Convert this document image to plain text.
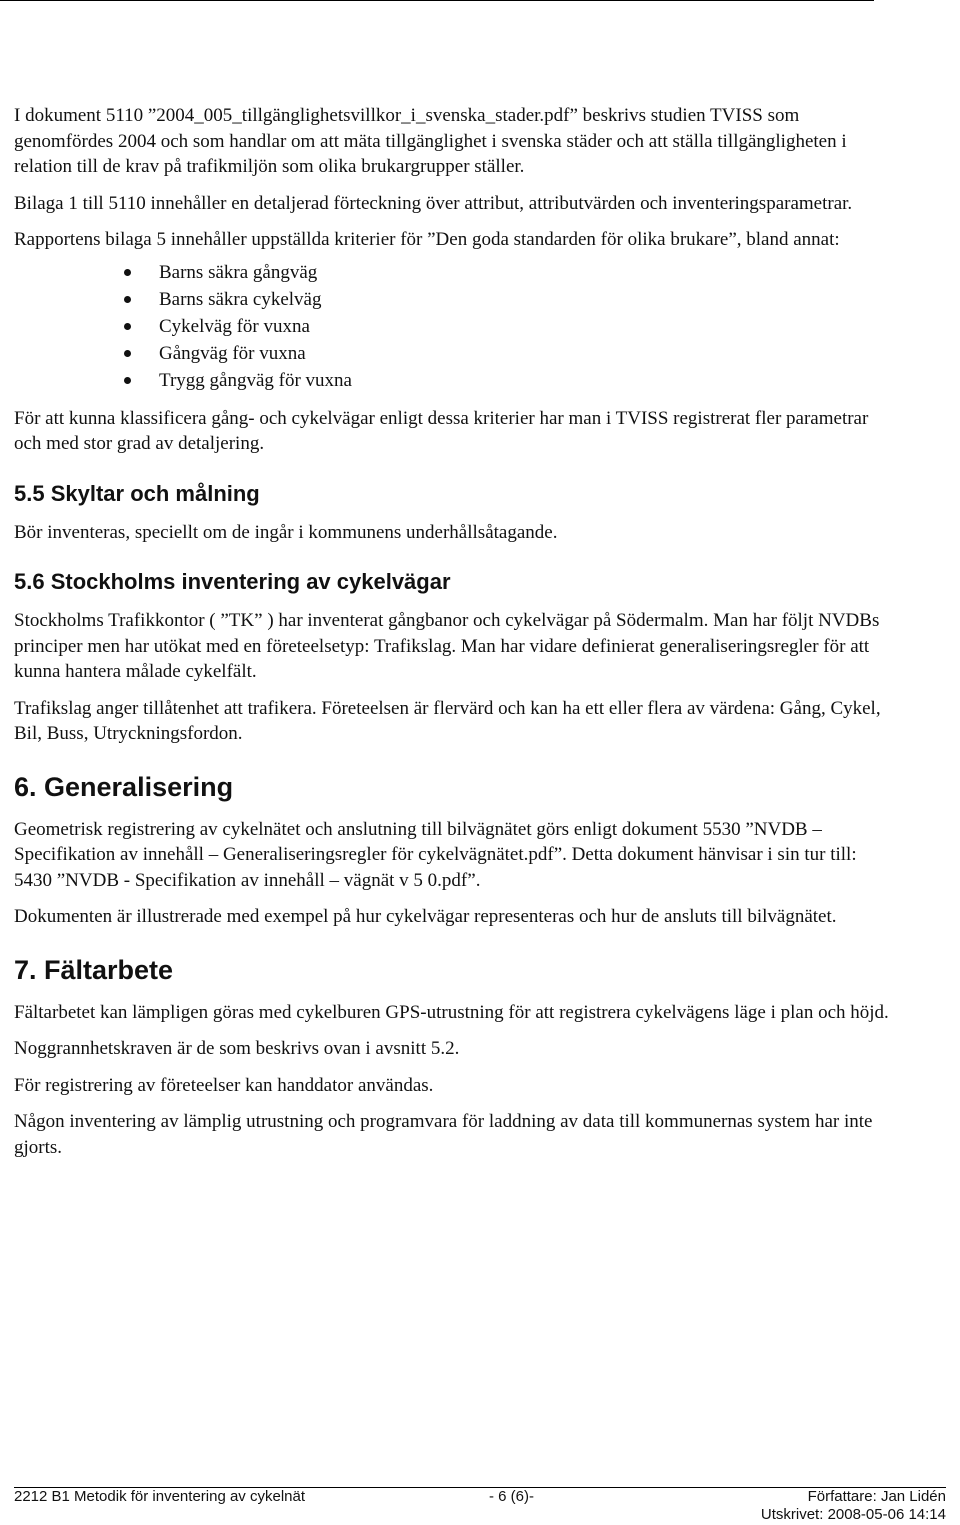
I dokument 5110 ”2004_005_tillgänglighetsvillkor_i_svenska_stader.pdf” beskrivs studien TVISS som genomfördes 2004 och som handlar om att mäta tillgänglighet i svenska städer och att ställa tillgängligheten i relation till de krav på trafikmiljön som olika brukargrupper ställer.

Bilaga 1 till 5110 innehåller en detaljerad förteckning över attribut, attributvärden och inventeringsparametrar.

Rapportens bilaga 5 innehåller uppställda kriterier för ”Den goda standarden för olika brukare”, bland annat:

Barns säkra gångväg
Barns säkra cykelväg
Cykelväg för vuxna
Gångväg för vuxna
Trygg gångväg för vuxna

För att kunna klassificera gång- och cykelvägar enligt dessa kriterier har man i TVISS registrerat fler parametrar och med stor grad av detaljering.

5.5 Skyltar och målning

Bör inventeras, speciellt om de ingår i kommunens underhållsåtagande.

5.6 Stockholms inventering av cykelvägar

Stockholms Trafikkontor ( ”TK” ) har inventerat gångbanor och cykelvägar på Södermalm. Man har följt NVDBs principer men har utökat med en företeelsetyp: Trafikslag. Man har vidare definierat generaliseringsregler för att kunna hantera målade cykelfält.

Trafikslag anger tillåtenhet att trafikera. Företeelsen är flervärd och kan ha ett eller flera av värdena: Gång, Cykel, Bil, Buss, Utryckningsfordon.

6. Generalisering

Geometrisk registrering av cykelnätet och anslutning till bilvägnätet görs enligt dokument 5530 ”NVDB – Specifikation av innehåll – Generaliseringsregler för cykelvägnätet.pdf”. Detta dokument hänvisar i sin tur till: 5430 ”NVDB - Specifikation av innehåll – vägnät v 5 0.pdf”.

Dokumenten är illustrerade med exempel på hur cykelvägar representeras och hur de ansluts till bilvägnätet.

7. Fältarbete

Fältarbetet kan lämpligen göras med cykelburen GPS-utrustning för att registrera cykelvägens läge i plan och höjd.

Noggrannhetskraven är de som beskrivs ovan i avsnitt 5.2.

För registrering av företeelser kan handdator användas.

Någon inventering av lämplig utrustning och programvara för laddning av data till kommunernas system har inte gjorts.

2212 B1 Metodik för inventering av cykelnät	- 6 (6)-	Författare: Jan Lidén
Utskrivet: 2008-05-06 14:14
